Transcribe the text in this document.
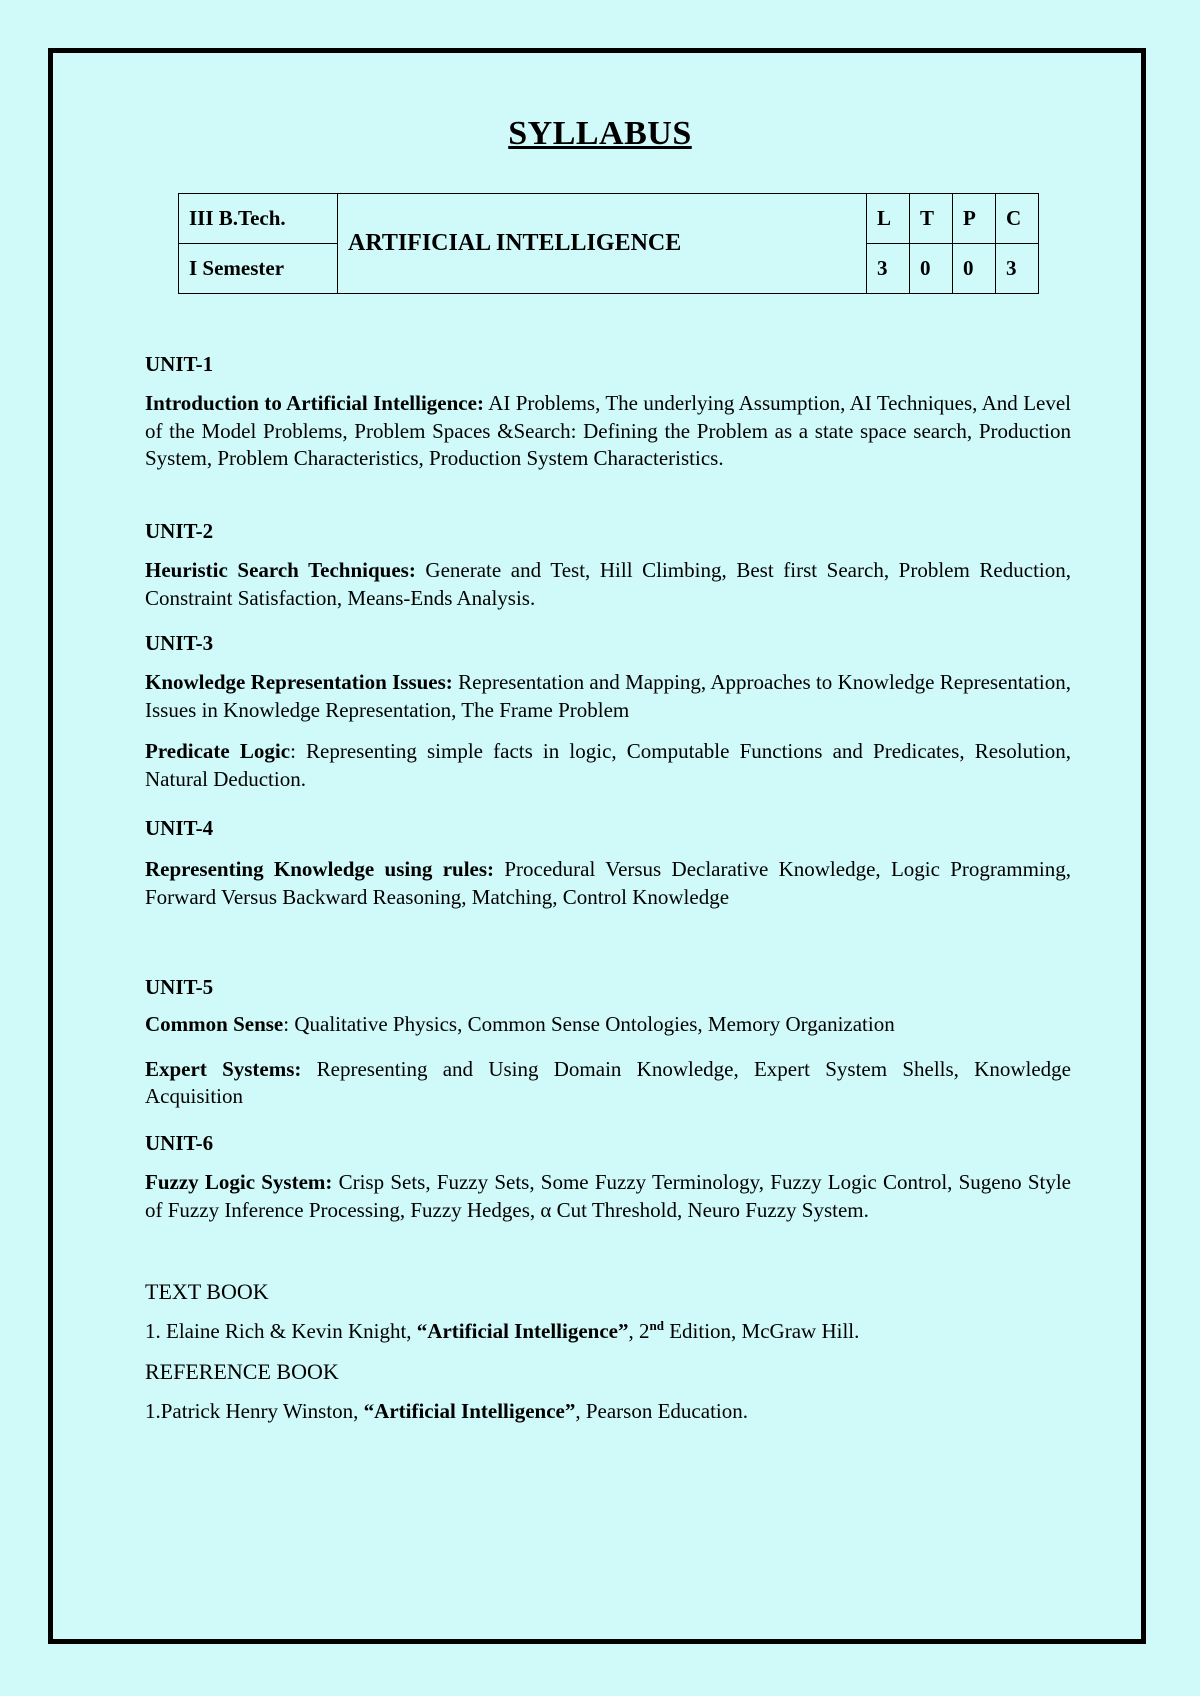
SYLLABUS
III B.Tech.	ARTIFICIAL INTELLIGENCE	L	T	P	C
I Semester		3	0	0	3

UNIT-1

Introduction to Artificial Intelligence: AI Problems, The underlying Assumption, AI Techniques, And Level of the Model Problems, Problem Spaces &Search: Defining the Problem as a state space search, Production System, Problem Characteristics, Production System Characteristics.

UNIT-2

Heuristic Search Techniques: Generate and Test, Hill Climbing, Best first Search, Problem Reduction, Constraint Satisfaction, Means-Ends Analysis.

UNIT-3

Knowledge Representation Issues: Representation and Mapping, Approaches to Knowledge Representation, Issues in Knowledge Representation, The Frame Problem

Predicate Logic: Representing simple facts in logic, Computable Functions and Predicates, Resolution, Natural Deduction.

UNIT-4

Representing Knowledge using rules: Procedural Versus Declarative Knowledge, Logic Programming, Forward Versus Backward Reasoning, Matching, Control Knowledge

UNIT-5

Common Sense: Qualitative Physics, Common Sense Ontologies, Memory Organization

Expert Systems: Representing and Using Domain Knowledge, Expert System Shells, Knowledge Acquisition

UNIT-6

Fuzzy Logic System: Crisp Sets, Fuzzy Sets, Some Fuzzy Terminology, Fuzzy Logic Control, Sugeno Style of Fuzzy Inference Processing, Fuzzy Hedges, α Cut Threshold, Neuro Fuzzy System.

TEXT BOOK

1. Elaine Rich & Kevin Knight, “Artificial Intelligence”, 2nd Edition, McGraw Hill.

REFERENCE BOOK

1.Patrick Henry Winston, “Artificial Intelligence”, Pearson Education.
